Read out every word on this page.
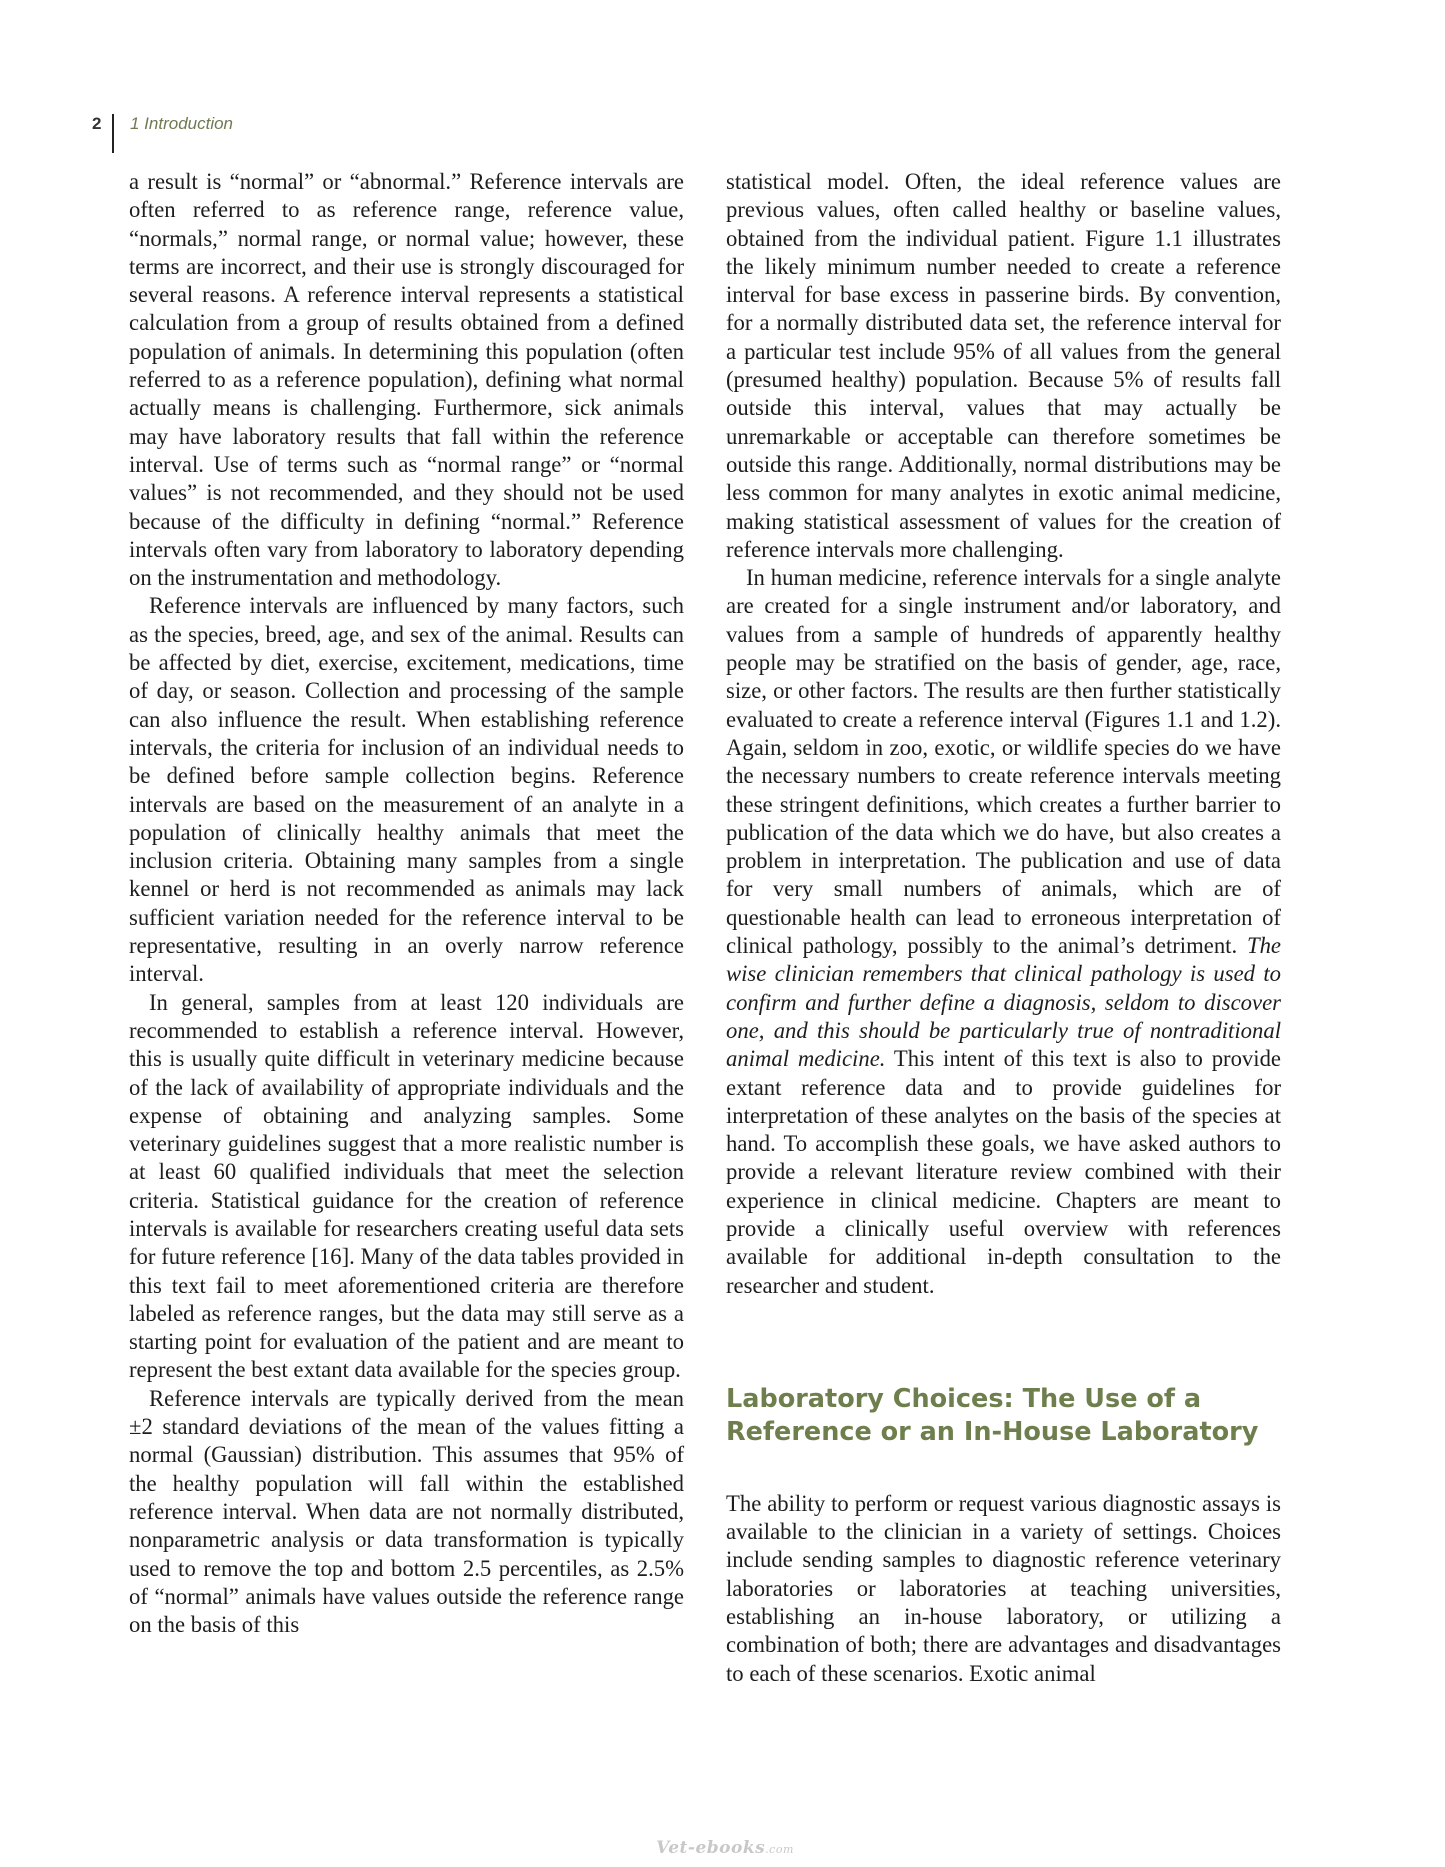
2 1 Introduction

a result is “normal” or “abnormal.” Reference intervals are often referred to as reference range, reference value, “normals,” normal range, or normal value; however, these terms are incorrect, and their use is strongly discouraged for several reasons. A reference interval represents a statistical calculation from a group of results obtained from a defined population of animals. In determining this population (often referred to as a reference population), defining what normal actually means is challenging. Furthermore, sick animals may have laboratory results that fall within the reference interval. Use of terms such as “normal range” or “normal values” is not recommended, and they should not be used because of the difficulty in defining “normal.” Reference intervals often vary from laboratory to laboratory depending on the instrumentation and methodology.

Reference intervals are influenced by many factors, such as the species, breed, age, and sex of the animal. Results can be affected by diet, exercise, excitement, medications, time of day, or season. Collection and processing of the sample can also influence the result. When establishing reference intervals, the criteria for inclusion of an individual needs to be defined before sample collection begins. Reference intervals are based on the measurement of an analyte in a population of clinically healthy animals that meet the inclusion criteria. Obtaining many samples from a single kennel or herd is not recommended as animals may lack sufficient variation needed for the reference interval to be representative, resulting in an overly narrow reference interval.

In general, samples from at least 120 individuals are recommended to establish a reference interval. However, this is usually quite difficult in veterinary medicine because of the lack of availability of appropriate individuals and the expense of obtaining and analyzing samples. Some veterinary guidelines suggest that a more realistic number is at least 60 qualified individuals that meet the selection criteria. Statistical guidance for the creation of reference intervals is available for researchers creating useful data sets for future reference [16]. Many of the data tables provided in this text fail to meet aforementioned criteria are therefore labeled as reference ranges, but the data may still serve as a starting point for evaluation of the patient and are meant to represent the best extant data available for the species group.

Reference intervals are typically derived from the mean ±2 standard deviations of the mean of the values fitting a normal (Gaussian) distribution. This assumes that 95% of the healthy population will fall within the established reference interval. When data are not normally distributed, nonparametric analysis or data transformation is typically used to remove the top and bottom 2.5 percentiles, as 2.5% of “normal” animals have values outside the reference range on the basis of this

statistical model. Often, the ideal reference values are previous values, often called healthy or baseline values, obtained from the individual patient. Figure 1.1 illustrates the likely minimum number needed to create a reference interval for base excess in passerine birds. By convention, for a normally distributed data set, the reference interval for a particular test include 95% of all values from the general (presumed healthy) population. Because 5% of results fall outside this interval, values that may actually be unremarkable or acceptable can therefore sometimes be outside this range. Additionally, normal distributions may be less common for many analytes in exotic animal medicine, making statistical assessment of values for the creation of reference intervals more challenging.

In human medicine, reference intervals for a single analyte are created for a single instrument and/or laboratory, and values from a sample of hundreds of apparently healthy people may be stratified on the basis of gender, age, race, size, or other factors. The results are then further statistically evaluated to create a reference interval (Figures 1.1 and 1.2). Again, seldom in zoo, exotic, or wildlife species do we have the necessary numbers to create reference intervals meeting these stringent definitions, which creates a further barrier to publication of the data which we do have, but also creates a problem in interpretation. The publication and use of data for very small numbers of animals, which are of questionable health can lead to erroneous interpretation of clinical pathology, possibly to the animal’s detriment. The wise clinician remembers that clinical pathology is used to confirm and further define a diagnosis, seldom to discover one, and this should be particularly true of nontraditional animal medicine. This intent of this text is also to provide extant reference data and to provide guidelines for interpretation of these analytes on the basis of the species at hand. To accomplish these goals, we have asked authors to provide a relevant literature review combined with their experience in clinical medicine. Chapters are meant to provide a clinically useful overview with references available for additional in-depth consultation to the researcher and student.

Laboratory Choices: The Use of a Reference or an In-House Laboratory

The ability to perform or request various diagnostic assays is available to the clinician in a variety of settings. Choices include sending samples to diagnostic reference veterinary laboratories or laboratories at teaching universities, establishing an in-house laboratory, or utilizing a combination of both; there are advantages and disadvantages to each of these scenarios. Exotic animal

Vet-ebooks.com
